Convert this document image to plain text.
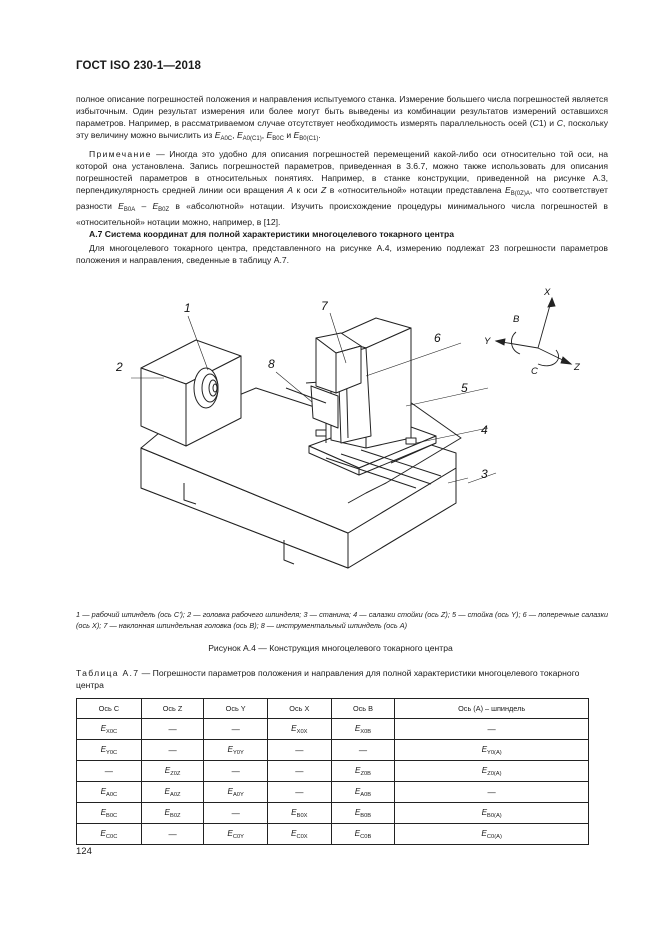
ГОСТ ISO 230-1—2018

полное описание погрешностей положения и направления испытуемого станка. Измерение большего числа погрешностей является избыточным. Один результат измерения или более могут быть выведены из комбинации результатов измерений оставшихся параметров. Например, в рассматриваемом случае отсутствует необходимость измерять параллельность осей (C1) и C, поскольку эту величину можно вычислить из $E_{A0C}$, $E_{A0(C1)}$, $E_{B0C}$ и $E_{B0(C1)}$.

Примечание — Иногда это удобно для описания погрешностей перемещений какой-либо оси относительно той оси, на которой она установлена. Запись погрешностей параметров, приведенная в 3.6.7, можно также использовать для описания погрешностей параметров в относительных понятиях. Например, в станке конструкции, приведенной на рисунке А.3, перпендикулярность средней линии оси вращения A к оси Z в «относительной» нотации представлена $E_{B(0Z)A}$, что соответствует разности $E_{B0A} - E_{B0Z}$ в «абсолютной» нотации. Изучить происхождение процедуры минимального числа погрешностей в «относительной» нотации можно, например, в [12].

А.7 Система координат для полной характеристики многоцелевого токарного центра
Для многоцелевого токарного центра, представленного на рисунке А.4, измерению подлежат 23 погрешности параметров положения и направления, сведенные в таблицу А.7.
1
2
3
4
5
6
7
8
X
Y
Z
B
C
1 — рабочий шпиндель (ось C'); 2 — головка рабочего шпинделя; 3 — станина; 4 — салазки стойки (ось Z); 5 — стойка (ось Y); 6 — поперечные салазки (ось X); 7 — наклонная шпиндельная головка (ось B); 8 — инструментальный шпиндель (ось A)
Рисунок А.4 — Конструкция многоцелевого токарного центра
Таблица А.7 — Погрешности параметров положения и направления для полной характеристики многоцелевого токарного центра
Ось C	Ось Z	Ось Y	Ось X	Ось B	Ось (A) – шпиндель
$E_{X0C}$	—	—	$E_{X0X}$	$E_{X0B}$	—
$E_{Y0C}$	—	$E_{Y0Y}$	—	—	$E_{Y0(A)}$
—	$E_{Z0Z}$	—	—	$E_{Z0B}$	$E_{Z0(A)}$
$E_{A0C}$	$E_{A0Z}$	$E_{A0Y}$	—	$E_{A0B}$	—
$E_{B0C}$	$E_{B0Z}$	—	$E_{B0X}$	$E_{B0B}$	$E_{B0(A)}$
$E_{C0C}$	—	$E_{C0Y}$	$E_{C0X}$	$E_{C0B}$	$E_{C0(A)}$
124
